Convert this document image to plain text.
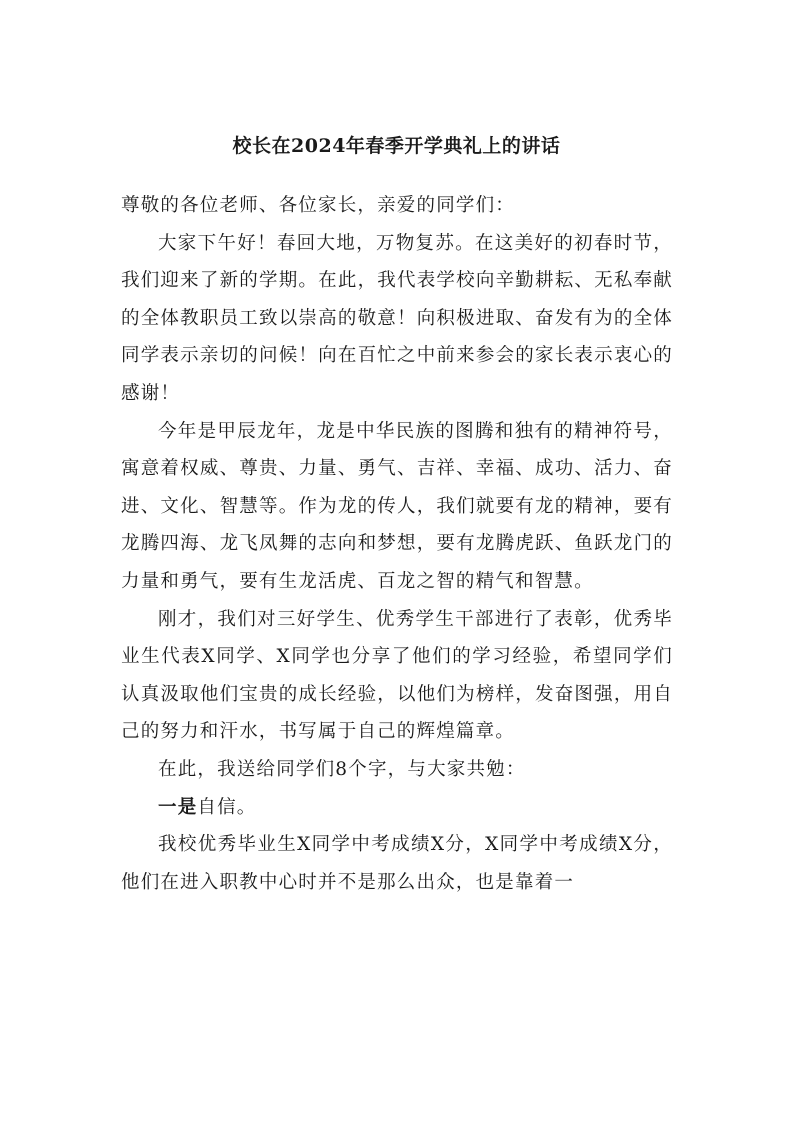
校长在2024年春季开学典礼上的讲话

尊敬的各位老师、各位家长，亲爱的同学们：

大家下午好！春回大地，万物复苏。在这美好的初春时节，我们迎来了新的学期。在此，我代表学校向辛勤耕耘、无私奉献的全体教职员工致以崇高的敬意！向积极进取、奋发有为的全体同学表示亲切的问候！向在百忙之中前来参会的家长表示衷心的感谢！

今年是甲辰龙年，龙是中华民族的图腾和独有的精神符号，寓意着权威、尊贵、力量、勇气、吉祥、幸福、成功、活力、奋进、文化、智慧等。作为龙的传人，我们就要有龙的精神，要有龙腾四海、龙飞凤舞的志向和梦想，要有龙腾虎跃、鱼跃龙门的力量和勇气，要有生龙活虎、百龙之智的精气和智慧。

刚才，我们对三好学生、优秀学生干部进行了表彰，优秀毕业生代表X同学、X同学也分享了他们的学习经验，希望同学们认真汲取他们宝贵的成长经验，以他们为榜样，发奋图强，用自己的努力和汗水，书写属于自己的辉煌篇章。

在此，我送给同学们8个字，与大家共勉：

一是自信。

我校优秀毕业生X同学中考成绩X分，X同学中考成绩X分，他们在进入职教中心时并不是那么出众，也是靠着一
